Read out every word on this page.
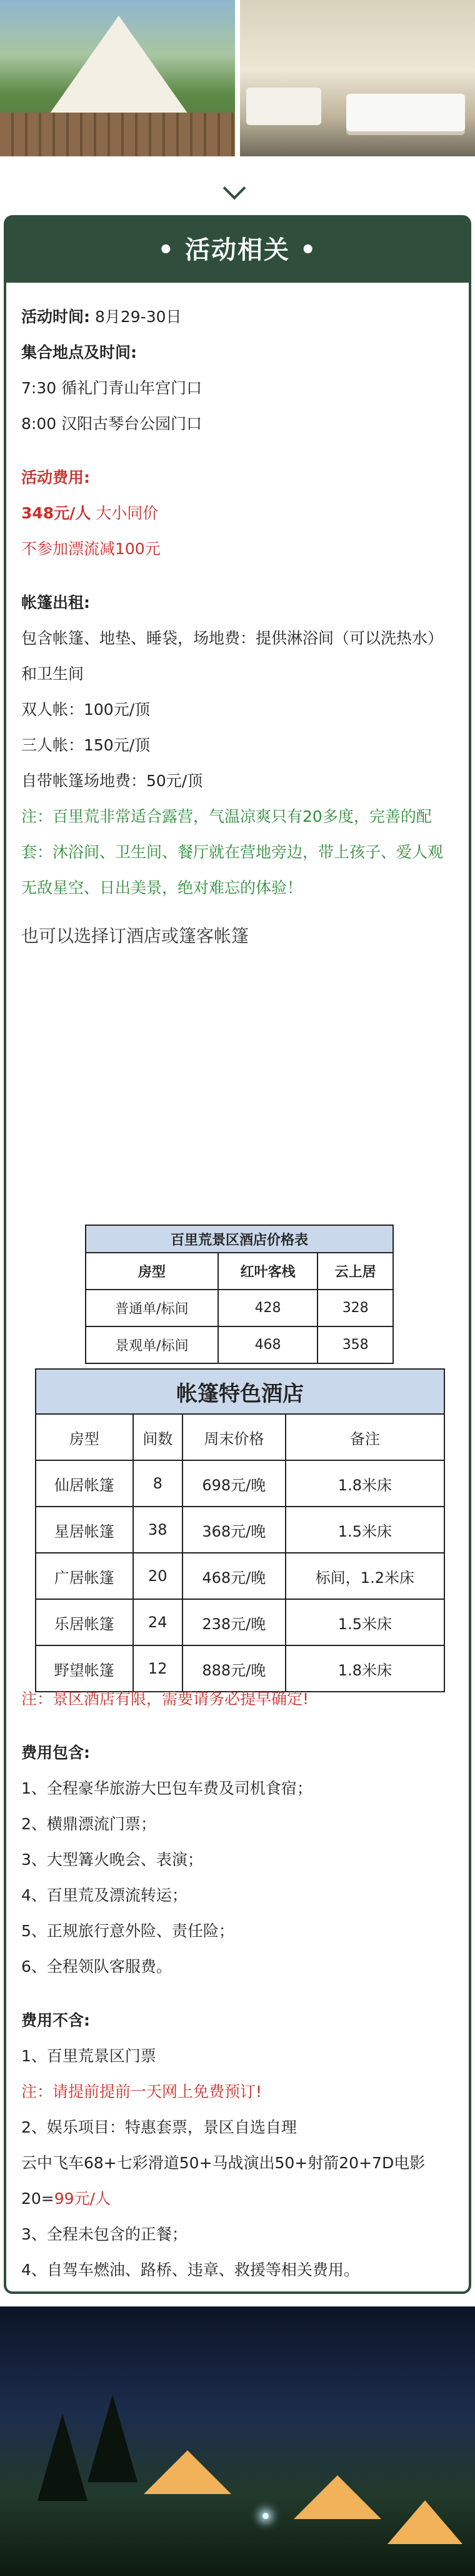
• 活动相关 •
活动时间: 8月29-30日
集合地点及时间:
7:30 循礼门青山年宫门口
8:00 汉阳古琴台公园门口
活动费用:
348元/人 大小同价
不参加漂流减100元
帐篷出租:
包含帐篷、地垫、睡袋，场地费：提供淋浴间（可以洗热水）和卫生间
双人帐：100元/顶
三人帐：150元/顶
自带帐篷场地费：50元/顶
注：百里荒非常适合露营，气温凉爽只有20多度，完善的配套：沐浴间、卫生间、餐厅就在营地旁边，带上孩子、爱人观无敌星空、日出美景，绝对难忘的体验！
也可以选择订酒店或篷客帐篷
百里荒景区酒店价格表		
房型	红叶客栈	云上居
普通单/标间	428	328
景观单/标间	468	358
帐篷特色酒店			
房型	间数	周末价格	备注
仙居帐篷	8	698元/晚	1.8米床
星居帐篷	38	368元/晚	1.5米床
广居帐篷	20	468元/晚	标间，1.2米床
乐居帐篷	24	238元/晚	1.5米床
野望帐篷	12	888元/晚	1.8米床
注：景区酒店有限，需要请务必提早确定!
费用包含:
1、全程豪华旅游大巴包车费及司机食宿；
2、横鼎漂流门票；
3、大型篝火晚会、表演；
4、百里荒及漂流转运；
5、正规旅行意外险、责任险；
6、全程领队客服费。
费用不含:
1、百里荒景区门票
注：请提前提前一天网上免费预订!
2、娱乐项目：特惠套票，景区自选自理
云中飞车68+七彩滑道50+马战演出50+射箭20+7D电影20=99元/人
3、全程未包含的正餐；
4、自驾车燃油、路桥、违章、救援等相关费用。
